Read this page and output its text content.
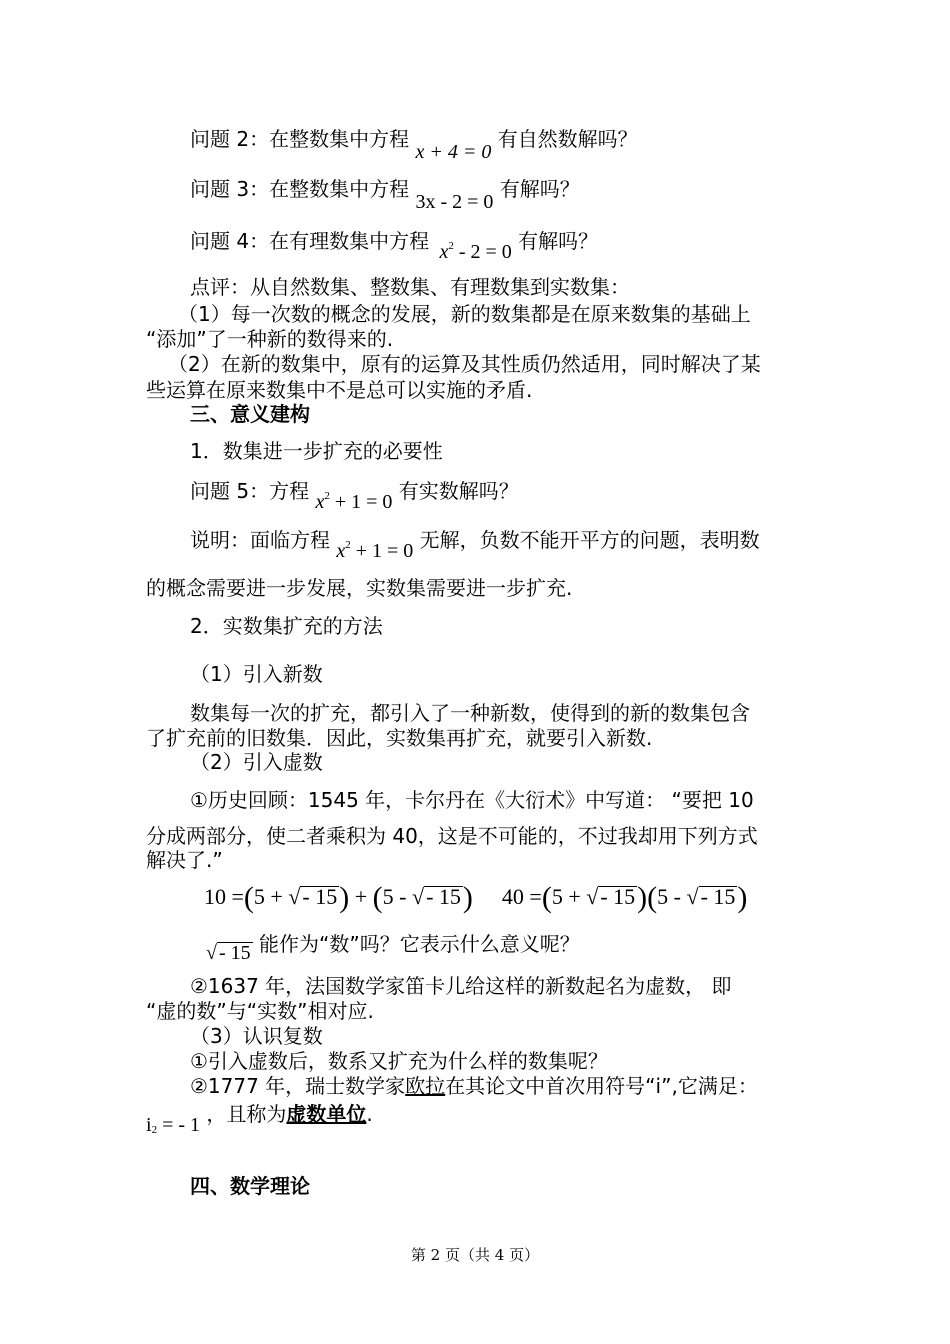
问题 2：在整数集中方程 x + 4 = 0 有自然数解吗？
问题 3：在整数集中方程 3x - 2 = 0 有解吗？
问题 4：在有理数集中方程 $x^2 - 2 = 0$ 有解吗？
点评：从自然数集、整数集、有理数集到实数集：
（1）每一次数的概念的发展，新的数集都是在原来数集的基础上
“添加”了一种新的数得来的.
（2）在新的数集中，原有的运算及其性质仍然适用，同时解决了某
些运算在原来数集中不是总可以实施的矛盾.
三、意义建构
1．数集进一步扩充的必要性
问题 5：方程 $x^2 + 1 = 0$ 有实数解吗？
说明：面临方程 $x^2 + 1 = 0$ 无解，负数不能开平方的问题，表明数
的概念需要进一步发展，实数集需要进一步扩充.
2．实数集扩充的方法
（1）引入新数
数集每一次的扩充，都引入了一种新数，使得到的新的数集包含
了扩充前的旧数集．因此，实数集再扩充，就要引入新数.
（2）引入虚数
①历史回顾：1545 年，卡尔丹在《大衍术》中写道： “要把 10
分成两部分，使二者乘积为 40，这是不可能的，不过我却用下列方式
解决了.”
10 =(5 + √- 15) + (5 - √- 15) 40 =(5 + √- 15)(5 - √- 15)
√ - 15 能作为“数”吗？它表示什么意义呢？
②1637 年，法国数学家笛卡儿给这样的新数起名为虚数， 即
“虚的数”与“实数”相对应.
（3）认识复数
①引入虚数后，数系又扩充为什么样的数集呢？
②1777 年，瑞士数学家欧拉在其论文中首次用符号“i”,它满足：
i2 = - 1 ，且称为虚数单位.
四、数学理论
第 2 页（共 4 页）
